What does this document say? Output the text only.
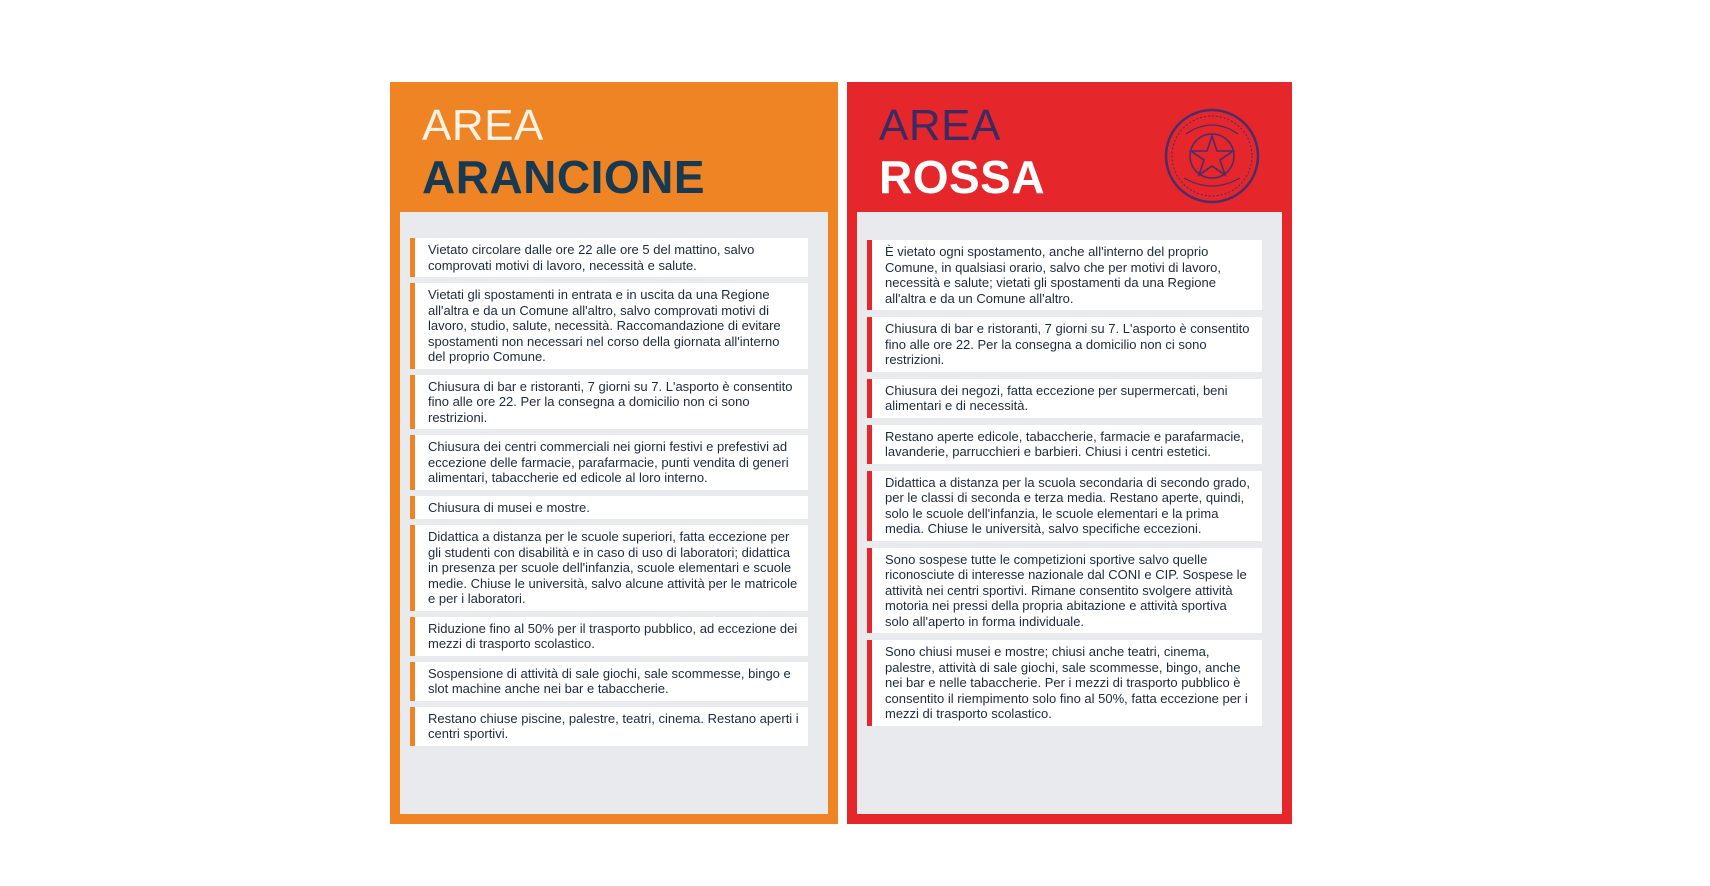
AREA
ARANCIONE
Vietato circolare dalle ore 22 alle ore 5 del mattino, salvo comprovati motivi di lavoro, necessità e salute.
Vietati gli spostamenti in entrata e in uscita da una Regione all'altra e da un Comune all'altro, salvo comprovati motivi di lavoro, studio, salute, necessità. Raccomandazione di evitare spostamenti non necessari nel corso della giornata all'interno del proprio Comune.
Chiusura di bar e ristoranti, 7 giorni su 7. L'asporto è consentito fino alle ore 22. Per la consegna a domicilio non ci sono restrizioni.
Chiusura dei centri commerciali nei giorni festivi e prefestivi ad eccezione delle farmacie, parafarmacie, punti vendita di generi alimentari, tabaccherie ed edicole al loro interno.
Chiusura di musei e mostre.
Didattica a distanza per le scuole superiori, fatta eccezione per gli studenti con disabilità e in caso di uso di laboratori; didattica in presenza per scuole dell'infanzia, scuole elementari e scuole medie. Chiuse le università, salvo alcune attività per le matricole e per i laboratori.
Riduzione fino al 50% per il trasporto pubblico, ad eccezione dei mezzi di trasporto scolastico.
Sospensione di attività di sale giochi, sale scommesse, bingo e slot machine anche nei bar e tabaccherie.
Restano chiuse piscine, palestre, teatri, cinema. Restano aperti i centri sportivi.
AREA
ROSSA
È vietato ogni spostamento, anche all'interno del proprio Comune, in qualsiasi orario, salvo che per motivi di lavoro, necessità e salute; vietati gli spostamenti da una Regione all'altra e da un Comune all'altro.
Chiusura di bar e ristoranti, 7 giorni su 7. L'asporto è consentito fino alle ore 22. Per la consegna a domicilio non ci sono restrizioni.
Chiusura dei negozi, fatta eccezione per supermercati, beni alimentari e di necessità.
Restano aperte edicole, tabaccherie, farmacie e parafarmacie, lavanderie, parrucchieri e barbieri. Chiusi i centri estetici.
Didattica a distanza per la scuola secondaria di secondo grado, per le classi di seconda e terza media. Restano aperte, quindi, solo le scuole dell'infanzia, le scuole elementari e la prima media. Chiuse le università, salvo specifiche eccezioni.
Sono sospese tutte le competizioni sportive salvo quelle riconosciute di interesse nazionale dal CONI e CIP. Sospese le attività nei centri sportivi. Rimane consentito svolgere attività motoria nei pressi della propria abitazione e attività sportiva solo all'aperto in forma individuale.
Sono chiusi musei e mostre; chiusi anche teatri, cinema, palestre, attività di sale giochi, sale scommesse, bingo, anche nei bar e nelle tabaccherie. Per i mezzi di trasporto pubblico è consentito il riempimento solo fino al 50%, fatta eccezione per i mezzi di trasporto scolastico.
